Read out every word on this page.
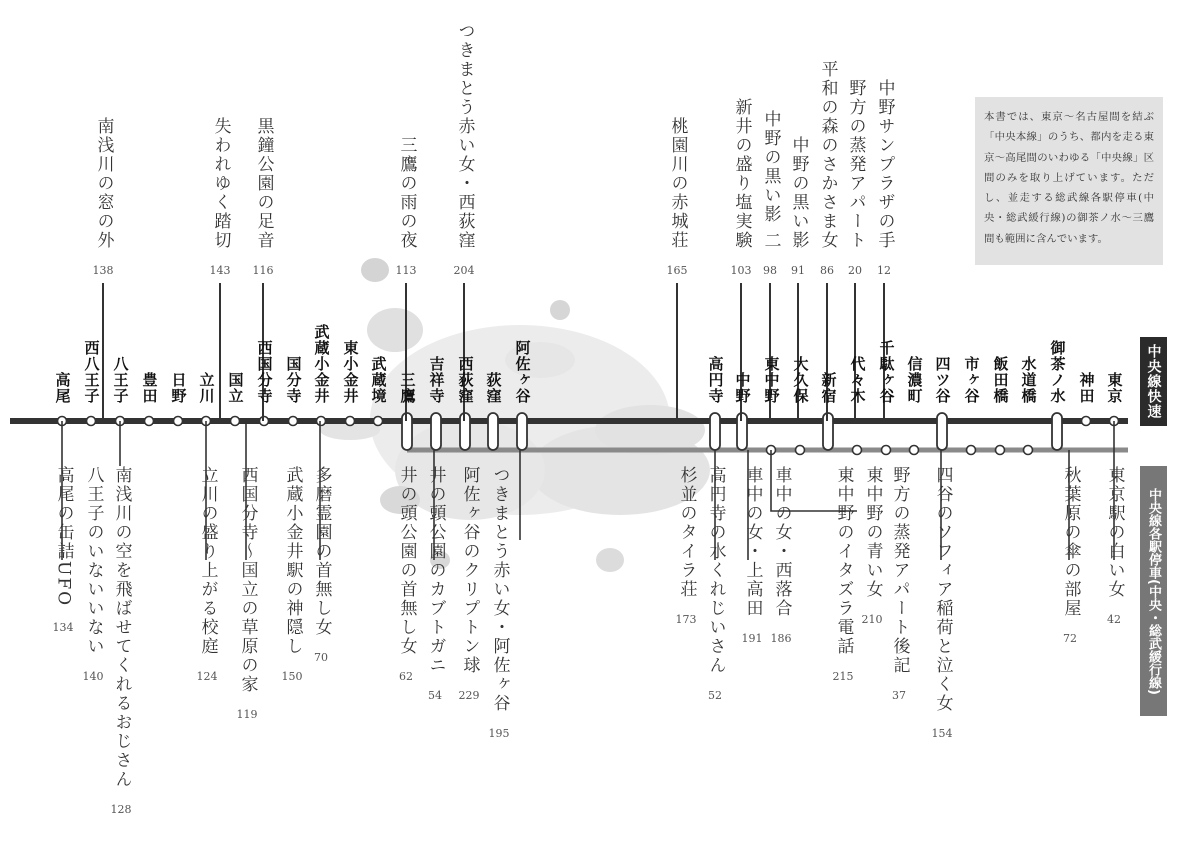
高尾 西八王子 八王子 豊田 日野 立川 国立 西国分寺 国分寺 武蔵小金井 東小金井 武蔵境 三鷹 吉祥寺 西荻窪 荻窪 阿佐ヶ谷	高円寺 中野 東中野 大久保 新宿 代々木 千駄ヶ谷 信濃町 四ツ谷 市ヶ谷 飯田橋 水道橋 御茶ノ水 神田 東京
南浅川の窓の外
138
失われゆく踏切
143
黒鐘公園の足音
116
三鷹の雨の夜
113
つきまとう赤い女・西荻窪
204
桃園川の赤城荘
165
新井の盛り塩実験
103
中野の黒い影 二
98
中野の黒い影
91
平和の森のさかさま女
86
野方の蒸発アパート
20
中野サンプラザの手
12
高尾の缶詰UFO
134 八王子のいないいない
140 南浅川の空を飛ばせてくれるおじさん
128
立川の盛り上がる校庭
124 西国分寺〜国立の草原の家
119
武蔵小金井駅の神隠し
150
多磨霊園の首無し女
70
井の頭公園の首無し女
62
井の頭公園のカブトガニ
54
阿佐ヶ谷のクリプトン球
229 つきまとう赤い女・阿佐ヶ谷
195
杉並のタイラ荘
173 高円寺の水くれじいさん
52
車中の女・上高田
191
車中の女・西落合
186 東中野のイタズラ電話
215
東中野の青い女
210 野方の蒸発アパート後記
37 四谷のソフィア稲荷と泣く女
154
秋葉原の傘の部屋
72
東京駅の白い女
42
本書では、東京〜名古屋間を結ぶ「中央本線」のうち、都内を走る東京〜高尾間のいわゆる「中央線」区間のみを取り上げています。ただし、並走する総武線各駅停車(中央・総武緩行線)の御茶ノ水〜三鷹間も範囲に含んでいます。
中央線快速
中央線各駅停車(中央・総武緩行線)
